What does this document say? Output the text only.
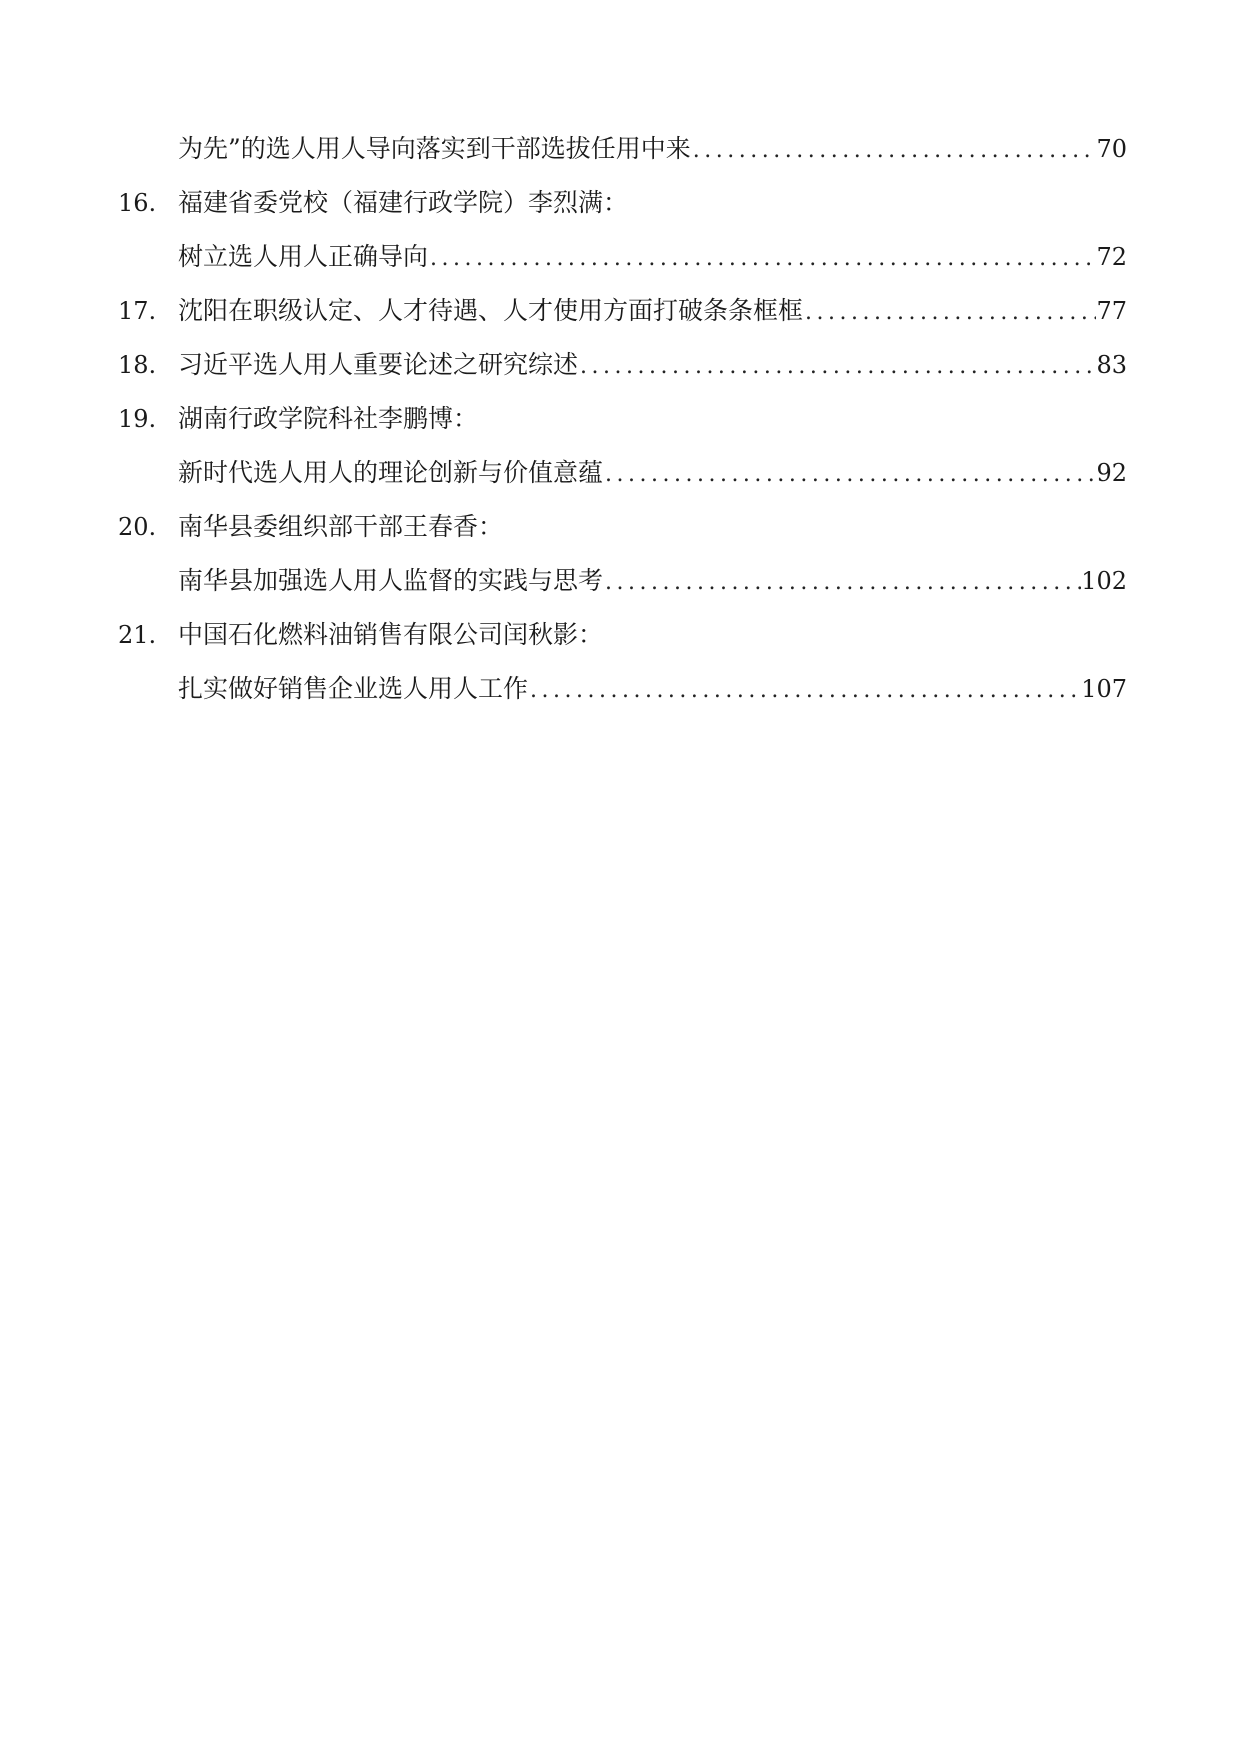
为先”的选人用人导向落实到干部选拔任用中来 .....	70
16. 福建省委党校（福建行政学院）李烈满：
树立选人用人正确导向 .....	72
17. 沈阳在职级认定、人才待遇、人才使用方面打破条条框框 .....	77
18. 习近平选人用人重要论述之研究综述 .....	83
19. 湖南行政学院科社李鹏博：
新时代选人用人的理论创新与价值意蕴 .....	92
20. 南华县委组织部干部王春香：
南华县加强选人用人监督的实践与思考 .....	102
21. 中国石化燃料油销售有限公司闰秋影：
扎实做好销售企业选人用人工作 .....	107
